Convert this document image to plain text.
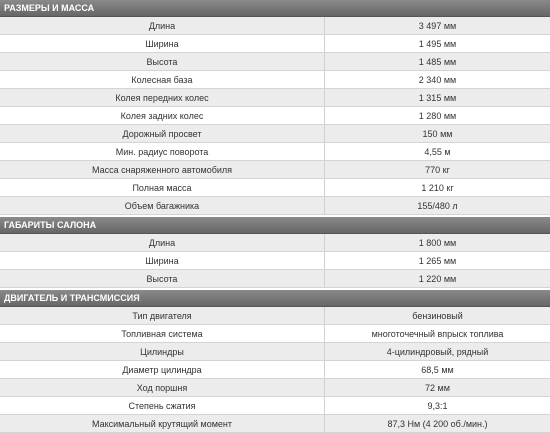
РАЗМЕРЫ И МАССА
Длина	3 497 мм
Ширина	1 495 мм
Высота	1 485 мм
Колесная база	2 340 мм
Колея передних колес	1 315 мм
Колея задних колес	1 280 мм
Дорожный просвет	150 мм
Мин. радиус поворота	4,55 м
Масса снаряженного автомобиля	770 кг
Полная масса	1 210 кг
Объем багажника	155/480 л
ГАБАРИТЫ САЛОНА
Длина	1 800 мм
Ширина	1 265 мм
Высота	1 220 мм
ДВИГАТЕЛЬ И ТРАНСМИССИЯ
Тип двигателя	бензиновый
Топливная система	многоточечный впрыск топлива
Цилиндры	4-цилиндровый, рядный
Диаметр цилиндра	68,5 мм
Ход поршня	72 мм
Степень сжатия	9,3:1
Максимальный крутящий момент	87,3 Нм (4 200 об./мин.)
